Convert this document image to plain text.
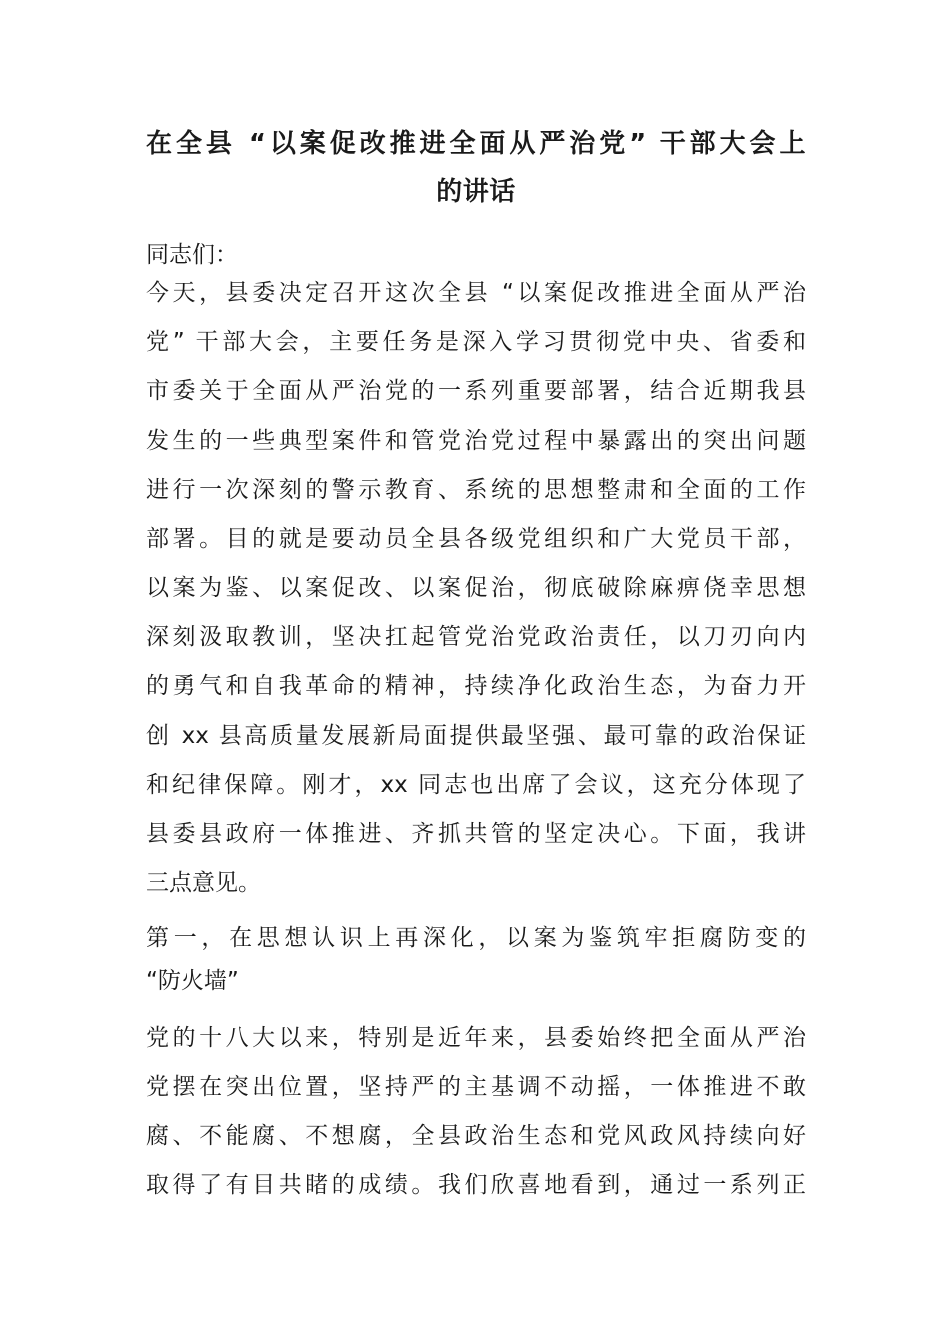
在全县 “以案促改推进全面从严治党” 干部大会上
的讲话

同志们：

今天，县委决定召开这次全县 “以案促改推进全面从严治

党” 干部大会，主要任务是深入学习贯彻党中央、省委和

市委关于全面从严治党的一系列重要部署，结合近期我县

发生的一些典型案件和管党治党过程中暴露出的突出问题

进行一次深刻的警示教育、系统的思想整肃和全面的工作

部署。目的就是要动员全县各级党组织和广大党员干部，

以案为鉴、以案促改、以案促治，彻底破除麻痹侥幸思想

深刻汲取教训，坚决扛起管党治党政治责任，以刀刃向内

的勇气和自我革命的精神，持续净化政治生态，为奋力开

创 xx 县高质量发展新局面提供最坚强、最可靠的政治保证

和纪律保障。刚才，xx 同志也出席了会议，这充分体现了

县委县政府一体推进、齐抓共管的坚定决心。下面，我讲

三点意见。

第一，在思想认识上再深化，以案为鉴筑牢拒腐防变的

“防火墙”

党的十八大以来，特别是近年来，县委始终把全面从严治

党摆在突出位置，坚持严的主基调不动摇，一体推进不敢

腐、不能腐、不想腐，全县政治生态和党风政风持续向好

取得了有目共睹的成绩。我们欣喜地看到，通过一系列正
